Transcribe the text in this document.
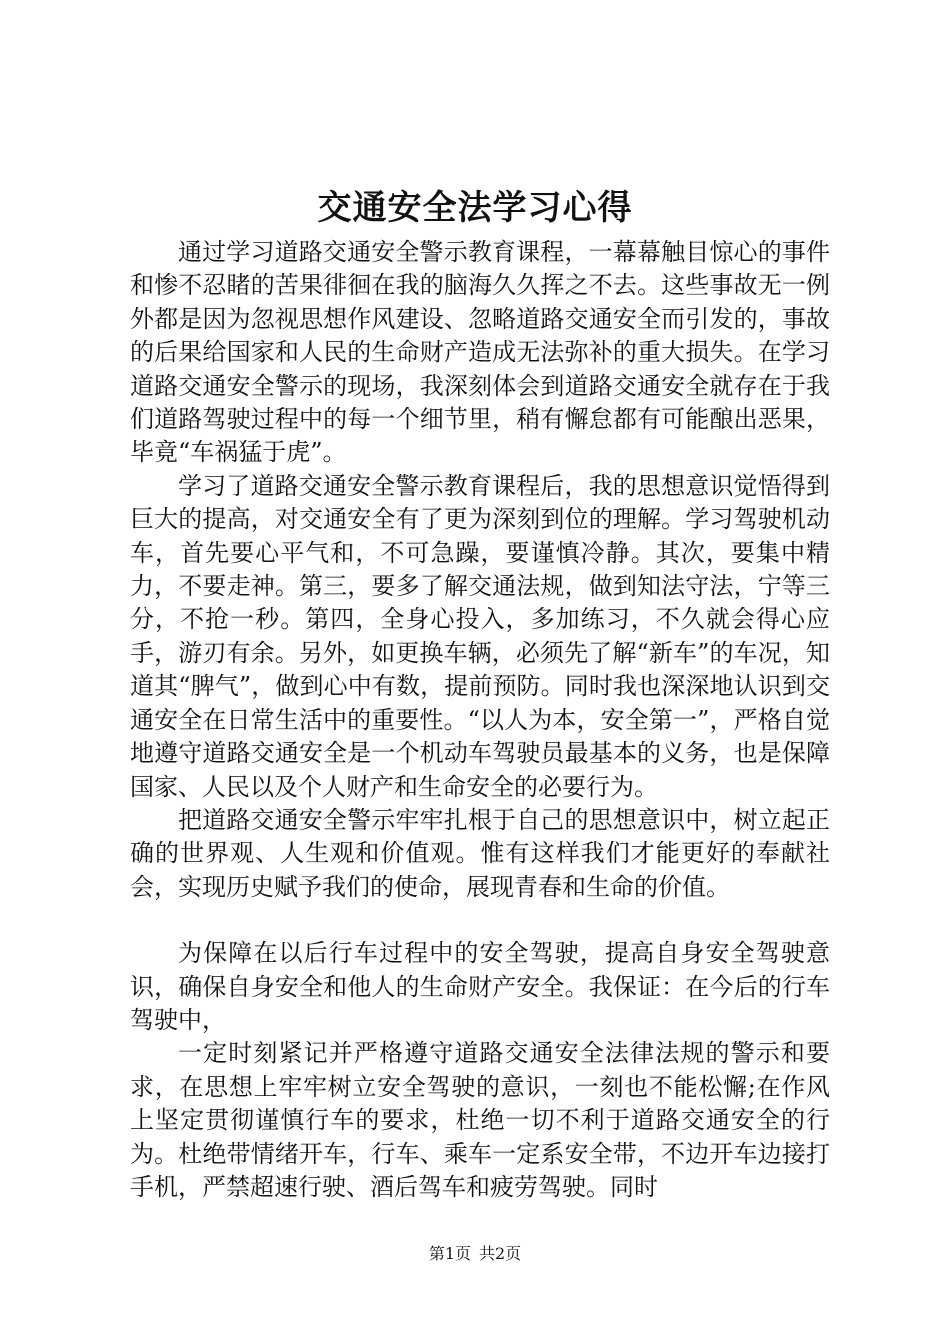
交通安全法学习心得

通过学习道路交通安全警示教育课程，一幕幕触目惊心的事件和惨不忍睹的苦果徘徊在我的脑海久久挥之不去。这些事故无一例外都是因为忽视思想作风建设、忽略道路交通安全而引发的，事故的后果给国家和人民的生命财产造成无法弥补的重大损失。在学习道路交通安全警示的现场，我深刻体会到道路交通安全就存在于我们道路驾驶过程中的每一个细节里，稍有懈怠都有可能酿出恶果，毕竟“车祸猛于虎”。

学习了道路交通安全警示教育课程后，我的思想意识觉悟得到巨大的提高，对交通安全有了更为深刻到位的理解。学习驾驶机动车，首先要心平气和，不可急躁，要谨慎冷静。其次，要集中精力，不要走神。第三，要多了解交通法规，做到知法守法，宁等三分，不抢一秒。第四，全身心投入，多加练习，不久就会得心应手，游刃有余。另外，如更换车辆，必须先了解“新车”的车况，知道其“脾气”，做到心中有数，提前预防。同时我也深深地认识到交通安全在日常生活中的重要性。“以人为本，安全第一”，严格自觉地遵守道路交通安全是一个机动车驾驶员最基本的义务，也是保障国家、人民以及个人财产和生命安全的必要行为。

把道路交通安全警示牢牢扎根于自己的思想意识中，树立起正确的世界观、人生观和价值观。惟有这样我们才能更好的奉献社会，实现历史赋予我们的使命，展现青春和生命的价值。

为保障在以后行车过程中的安全驾驶，提高自身安全驾驶意识，确保自身安全和他人的生命财产安全。我保证：在今后的行车驾驶中，

一定时刻紧记并严格遵守道路交通安全法律法规的警示和要求，在思想上牢牢树立安全驾驶的意识，一刻也不能松懈;在作风上坚定贯彻谨慎行车的要求，杜绝一切不利于道路交通安全的行为。杜绝带情绪开车，行车、乘车一定系安全带，不边开车边接打手机，严禁超速行驶、酒后驾车和疲劳驾驶。同时

第1页 共2页
